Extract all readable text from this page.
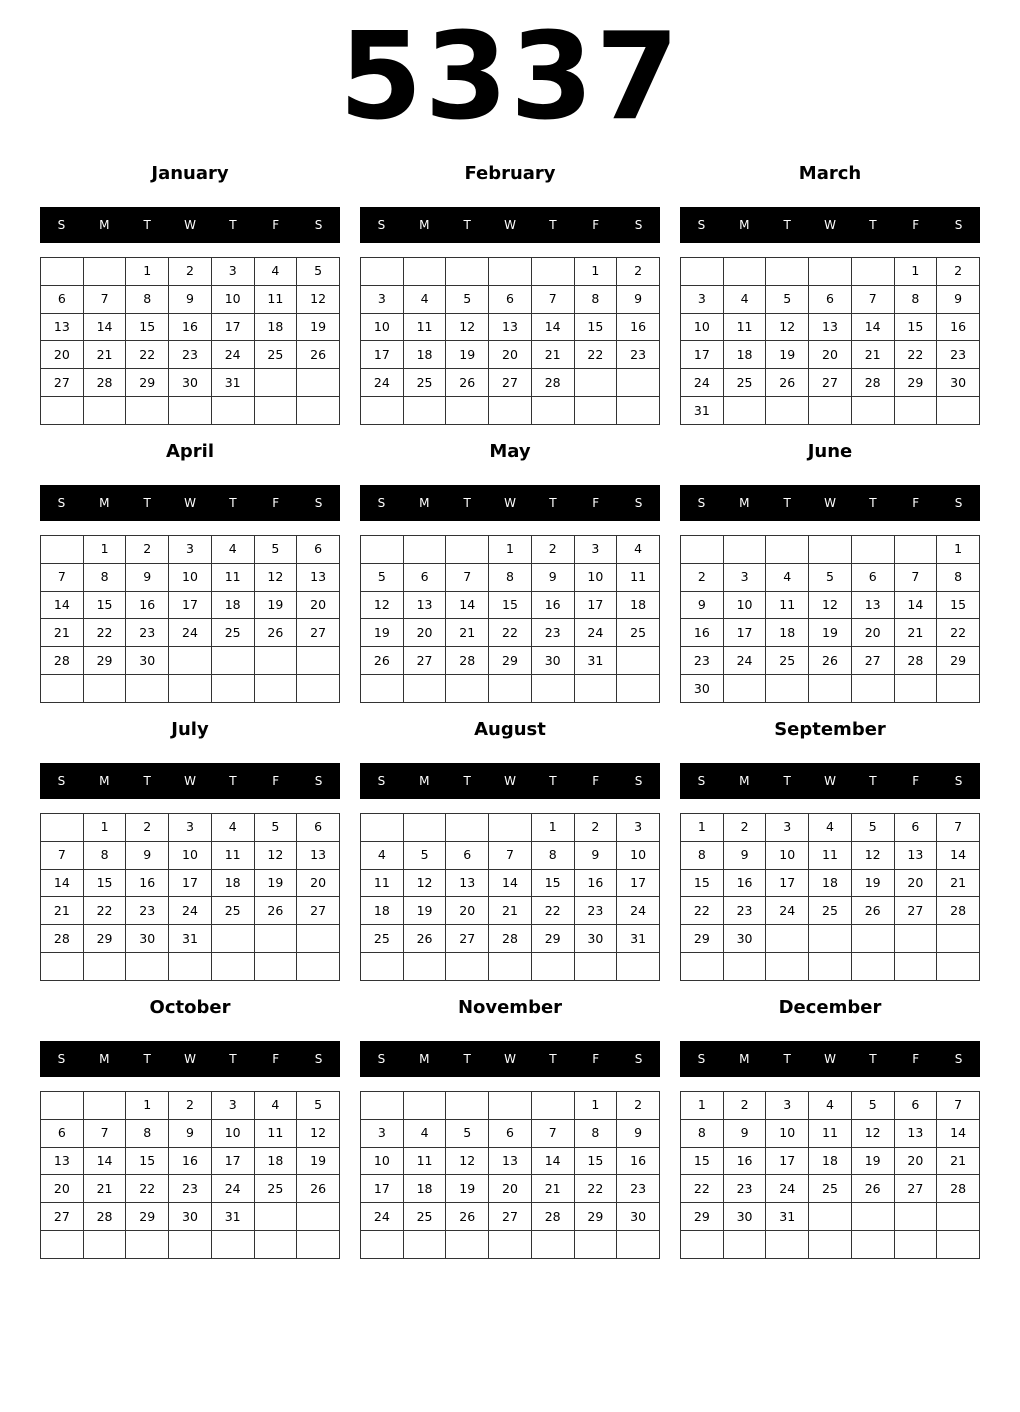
5337
January
S	M	T	W	T	F	S
		1	2	3	4	5
6	7	8	9	10	11	12
13	14	15	16	17	18	19
20	21	22	23	24	25	26
27	28	29	30	31		

February
S	M	T	W	T	F	S
					1	2
3	4	5	6	7	8	9
10	11	12	13	14	15	16
17	18	19	20	21	22	23
24	25	26	27	28		

March
S	M	T	W	T	F	S
					1	2
3	4	5	6	7	8	9
10	11	12	13	14	15	16
17	18	19	20	21	22	23
24	25	26	27	28	29	30
31						
April
S	M	T	W	T	F	S
	1	2	3	4	5	6
7	8	9	10	11	12	13
14	15	16	17	18	19	20
21	22	23	24	25	26	27
28	29	30				

May
S	M	T	W	T	F	S
			1	2	3	4
5	6	7	8	9	10	11
12	13	14	15	16	17	18
19	20	21	22	23	24	25
26	27	28	29	30	31	

June
S	M	T	W	T	F	S
						1
2	3	4	5	6	7	8
9	10	11	12	13	14	15
16	17	18	19	20	21	22
23	24	25	26	27	28	29
30						
July
S	M	T	W	T	F	S
	1	2	3	4	5	6
7	8	9	10	11	12	13
14	15	16	17	18	19	20
21	22	23	24	25	26	27
28	29	30	31			

August
S	M	T	W	T	F	S
				1	2	3
4	5	6	7	8	9	10
11	12	13	14	15	16	17
18	19	20	21	22	23	24
25	26	27	28	29	30	31

September
S	M	T	W	T	F	S
1	2	3	4	5	6	7
8	9	10	11	12	13	14
15	16	17	18	19	20	21
22	23	24	25	26	27	28
29	30					

October
S	M	T	W	T	F	S
		1	2	3	4	5
6	7	8	9	10	11	12
13	14	15	16	17	18	19
20	21	22	23	24	25	26
27	28	29	30	31		

November
S	M	T	W	T	F	S
					1	2
3	4	5	6	7	8	9
10	11	12	13	14	15	16
17	18	19	20	21	22	23
24	25	26	27	28	29	30

December
S	M	T	W	T	F	S
1	2	3	4	5	6	7
8	9	10	11	12	13	14
15	16	17	18	19	20	21
22	23	24	25	26	27	28
29	30	31				
